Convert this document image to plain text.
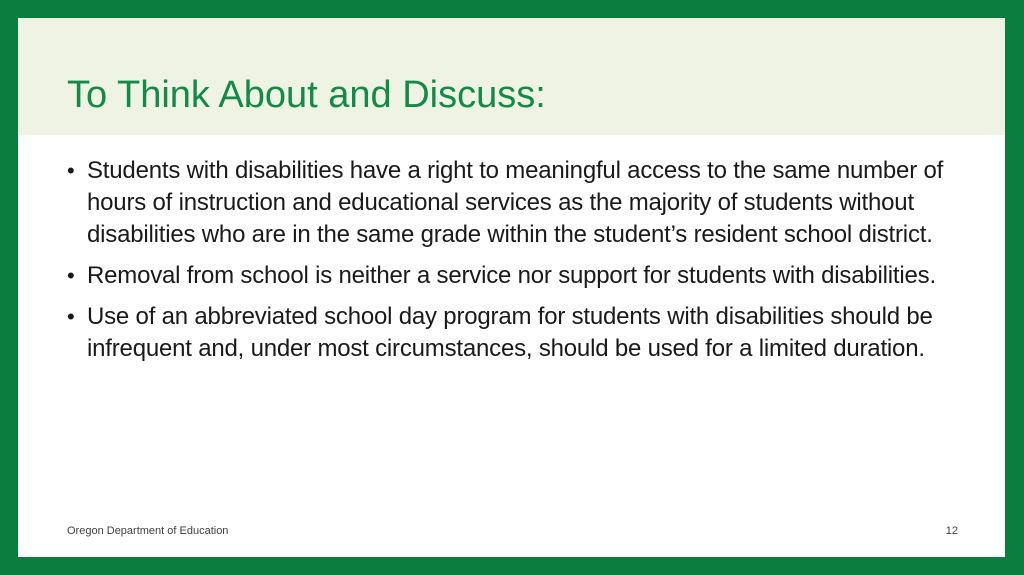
To Think About and Discuss:
• Students with disabilities have a right to meaningful access to the same number of hours of instruction and educational services as the majority of students without disabilities who are in the same grade within the student’s resident school district.
• Removal from school is neither a service nor support for students with disabilities.
• Use of an abbreviated school day program for students with disabilities should be infrequent and, under most circumstances, should be used for a limited duration.
Oregon Department of Education	12
